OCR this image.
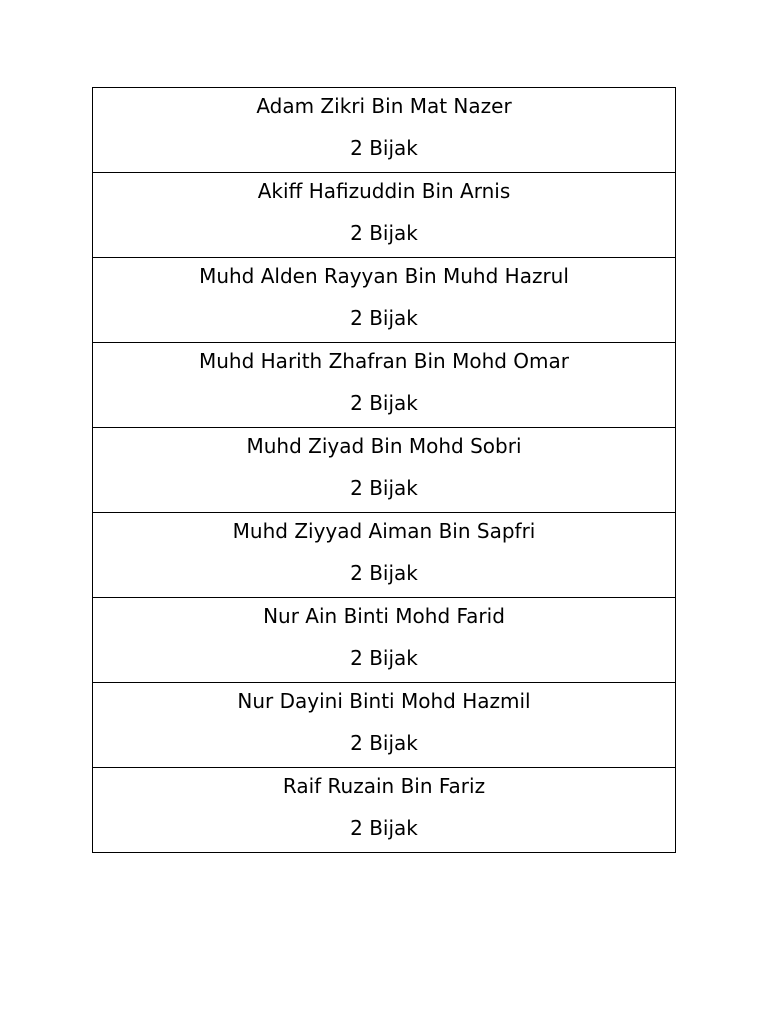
Adam Zikri Bin Mat Nazer
2 Bijak

Akiff Hafizuddin Bin Arnis
2 Bijak

Muhd Alden Rayyan Bin Muhd Hazrul
2 Bijak

Muhd Harith Zhafran Bin Mohd Omar
2 Bijak

Muhd Ziyad Bin Mohd Sobri
2 Bijak

Muhd Ziyyad Aiman Bin Sapfri
2 Bijak

Nur Ain Binti Mohd Farid
2 Bijak

Nur Dayini Binti Mohd Hazmil
2 Bijak

Raif Ruzain Bin Fariz
2 Bijak
